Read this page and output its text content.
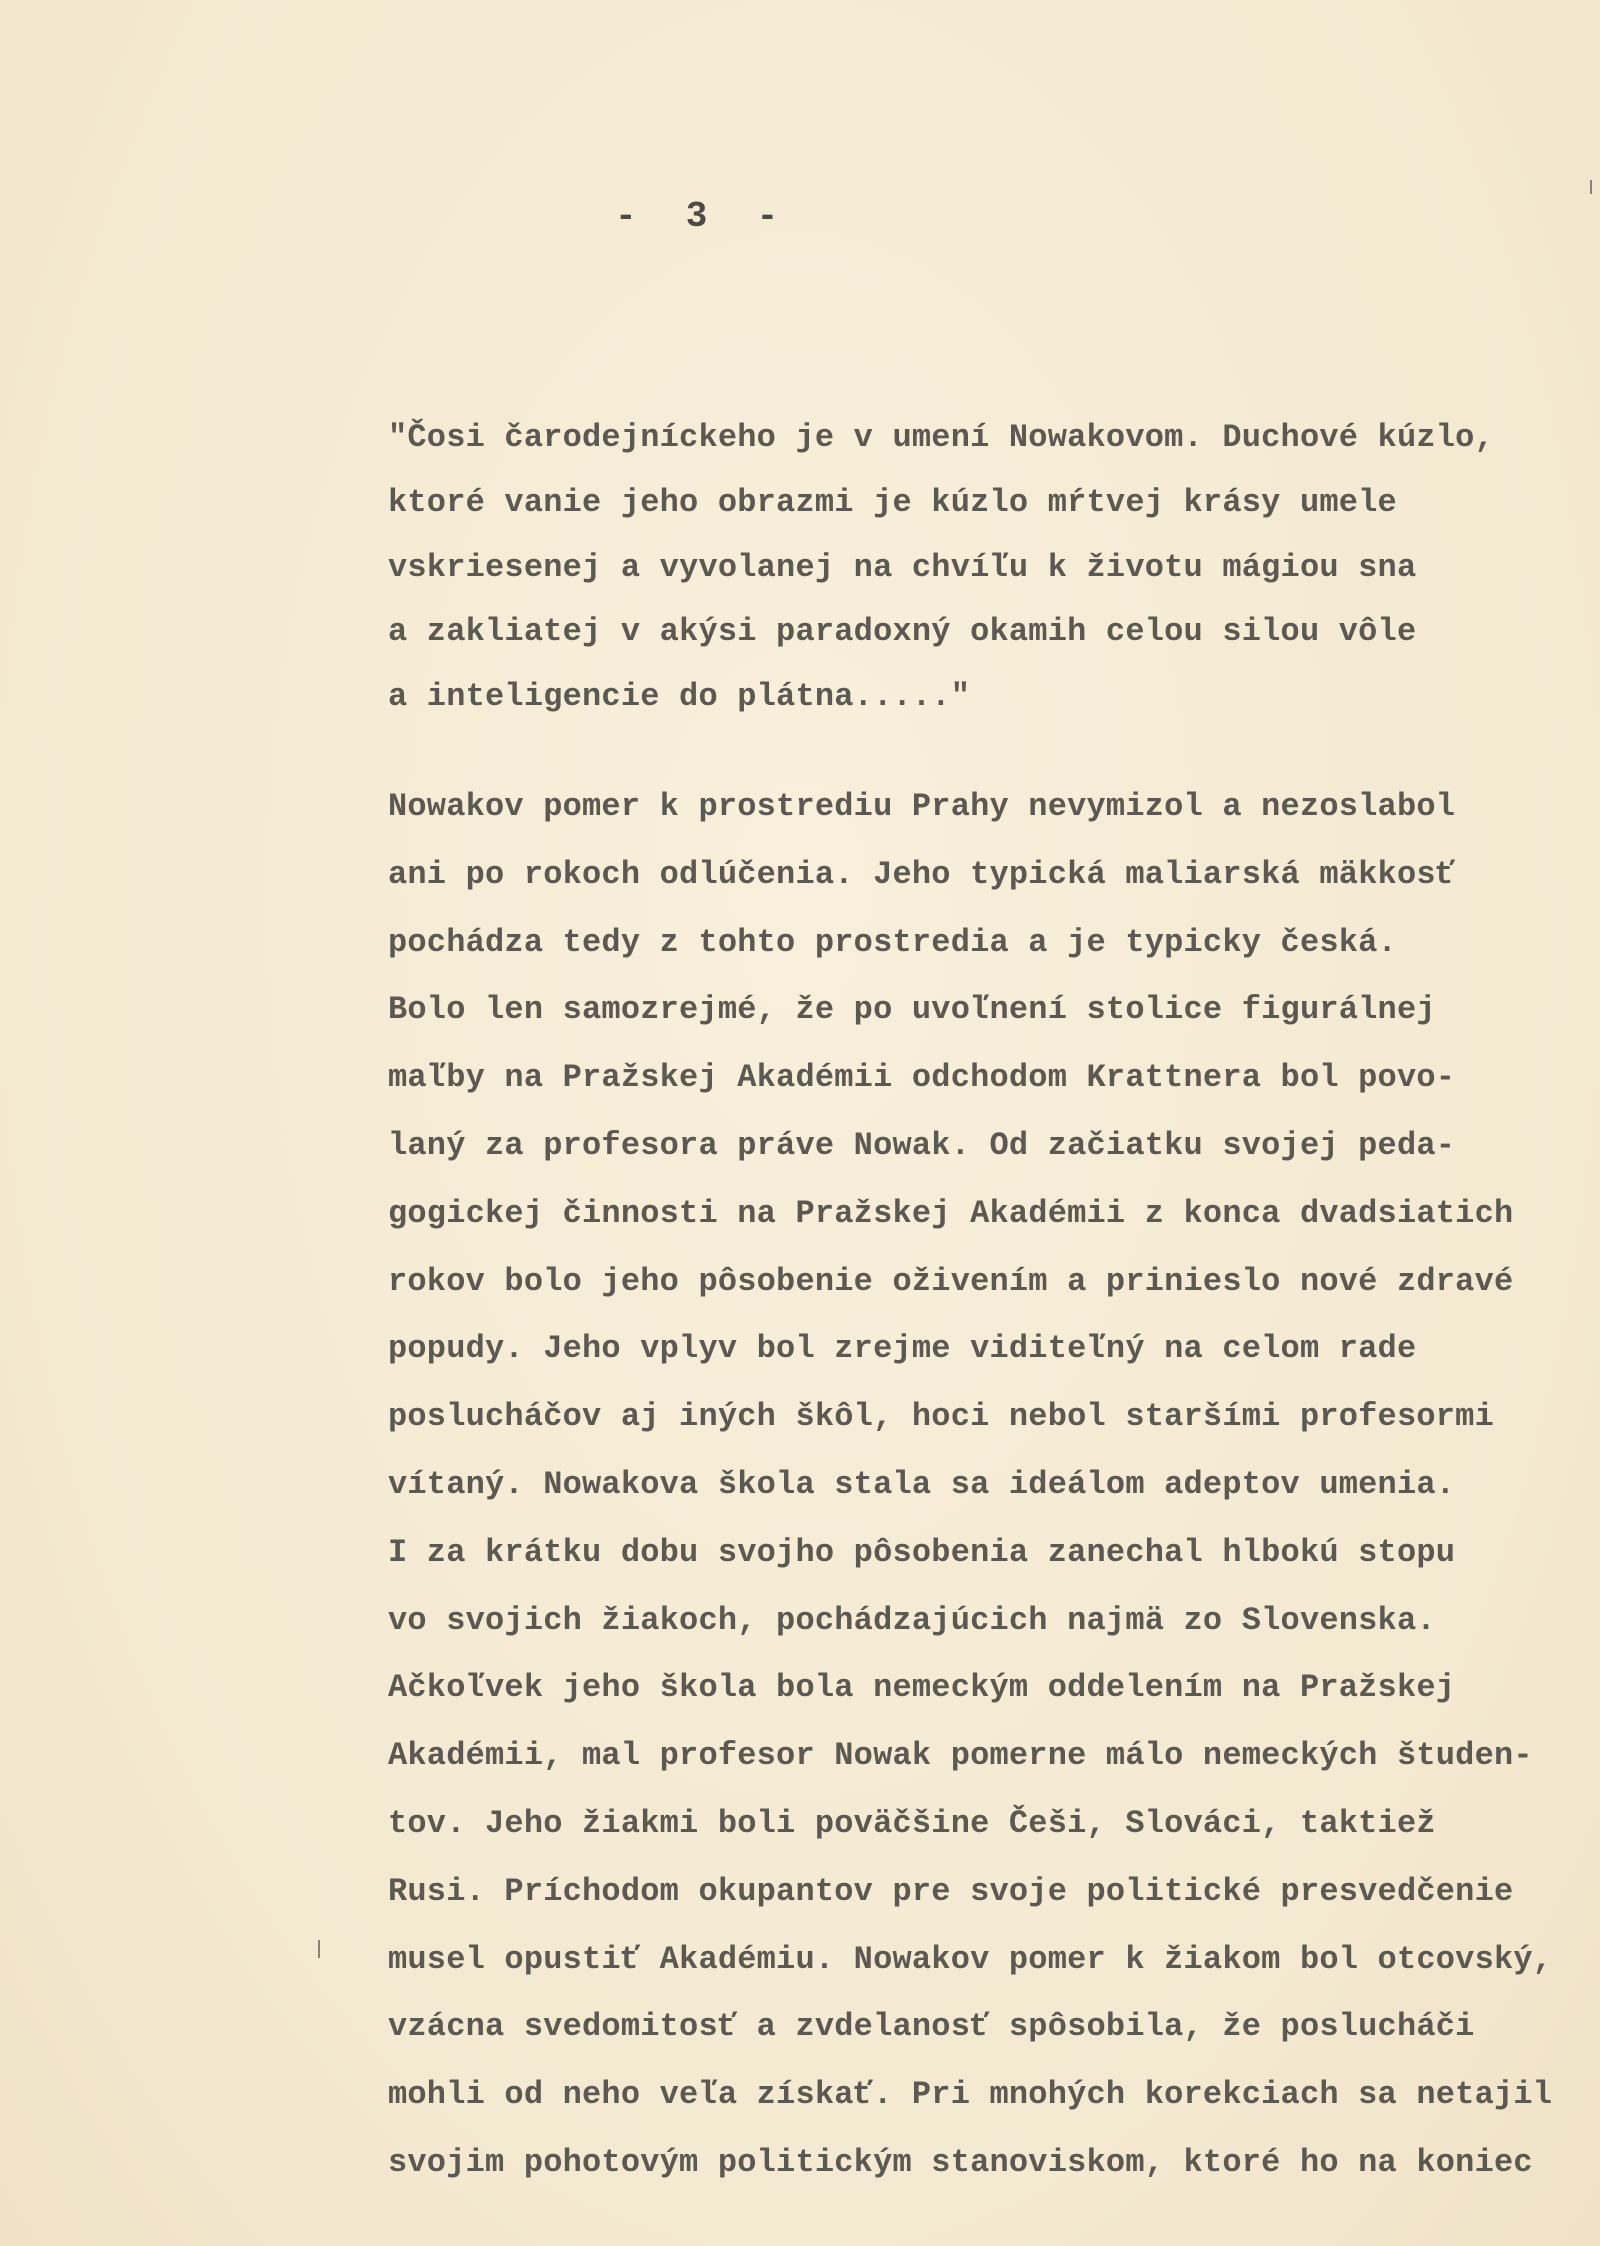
-  3  -
"Čosi čarodejníckeho je v umení Nowakovom. Duchové kúzlo,
ktoré vanie jeho obrazmi je kúzlo mŕtvej krásy umele
vskriesenej a vyvolanej na chvíľu k životu mágiou sna
a zakliatej v akýsi paradoxný okamih celou silou vôle
a inteligencie do plátna....."
Nowakov pomer k prostrediu Prahy nevymizol a nezoslabol
ani po rokoch odlúčenia. Jeho typická maliarská mäkkosť
pochádza tedy z tohto prostredia a je typicky česká.
Bolo len samozrejmé, že po uvoľnení stolice figurálnej
maľby na Pražskej Akadémii odchodom Krattnera bol povo-
laný za profesora práve Nowak. Od začiatku svojej peda-
gogickej činnosti na Pražskej Akadémii z konca dvadsiatich
rokov bolo jeho pôsobenie oživením a prinieslo nové zdravé
popudy. Jeho vplyv bol zrejme viditeľný na celom rade
poslucháčov aj iných škôl, hoci nebol staršími profesormi
vítaný. Nowakova škola stala sa ideálom adeptov umenia.
I za krátku dobu svojho pôsobenia zanechal hlbokú stopu
vo svojich žiakoch, pochádzajúcich najmä zo Slovenska.
Ačkoľvek jeho škola bola nemeckým oddelením na Pražskej
Akadémii, mal profesor Nowak pomerne málo nemeckých študen-
tov. Jeho žiakmi boli poväčšine Češi, Slováci, taktiež
Rusi. Príchodom okupantov pre svoje politické presvedčenie
musel opustiť Akadémiu. Nowakov pomer k žiakom bol otcovský,
vzácna svedomitosť a zvdelanosť spôsobila, že poslucháči
mohli od neho veľa získať. Pri mnohých korekciach sa netajil
svojim pohotovým politickým stanoviskom, ktoré ho na koniec
